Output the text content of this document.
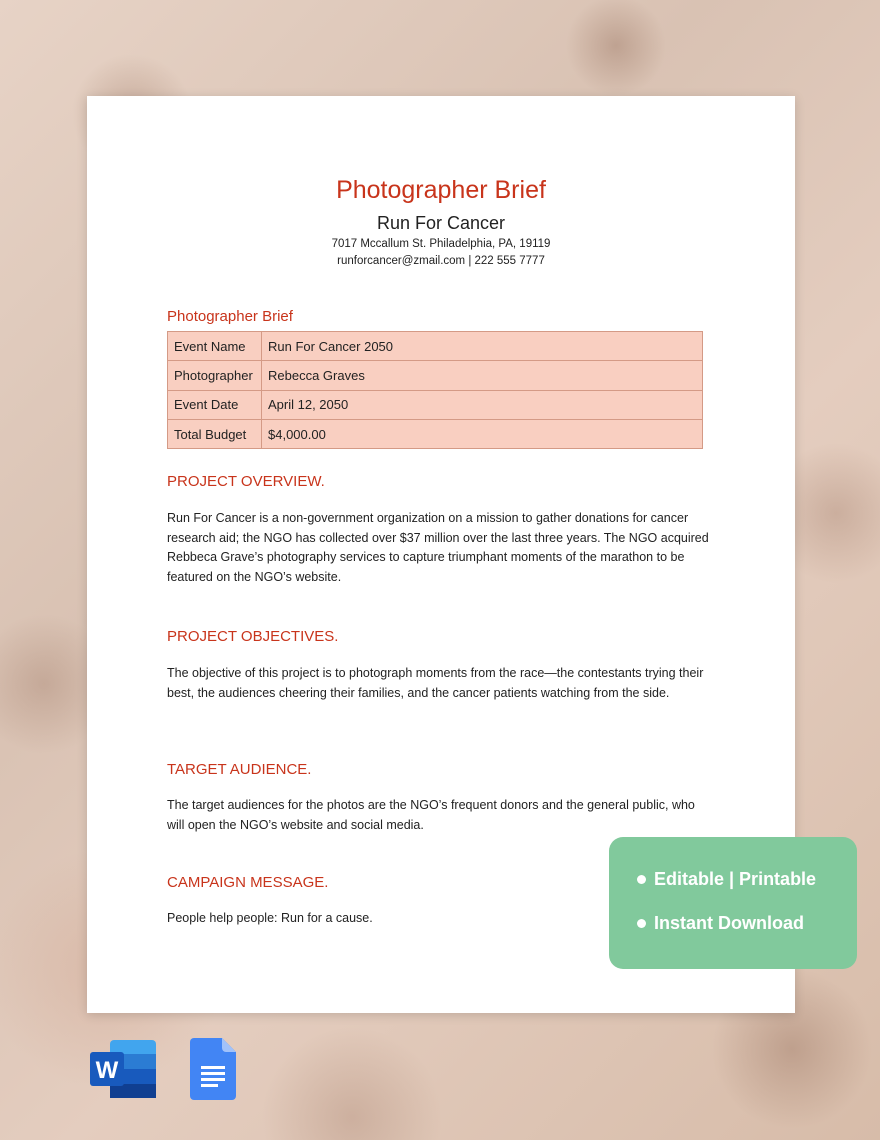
Photographer Brief
Run For Cancer
7017 Mccallum St. Philadelphia, PA, 19119
runforcancer@zmail.com | 222 555 7777
Photographer Brief
Event Name	Run For Cancer 2050
Photographer	Rebecca Graves
Event Date	April 12, 2050
Total Budget	$4,000.00
PROJECT OVERVIEW.
Run For Cancer is a non-government organization on a mission to gather donations for cancer research aid; the NGO has collected over $37 million over the last three years. The NGO acquired Rebbeca Grave’s photography services to capture triumphant moments of the marathon to be featured on the NGO’s website.
PROJECT OBJECTIVES.
The objective of this project is to photograph moments from the race—the contestants trying their best, the audiences cheering their families, and the cancer patients watching from the side.
TARGET AUDIENCE.
The target audiences for the photos are the NGO’s frequent donors and the general public, who will open the NGO’s website and social media.
CAMPAIGN MESSAGE.
People help people: Run for a cause.
Editable | Printable
Instant Download
W
